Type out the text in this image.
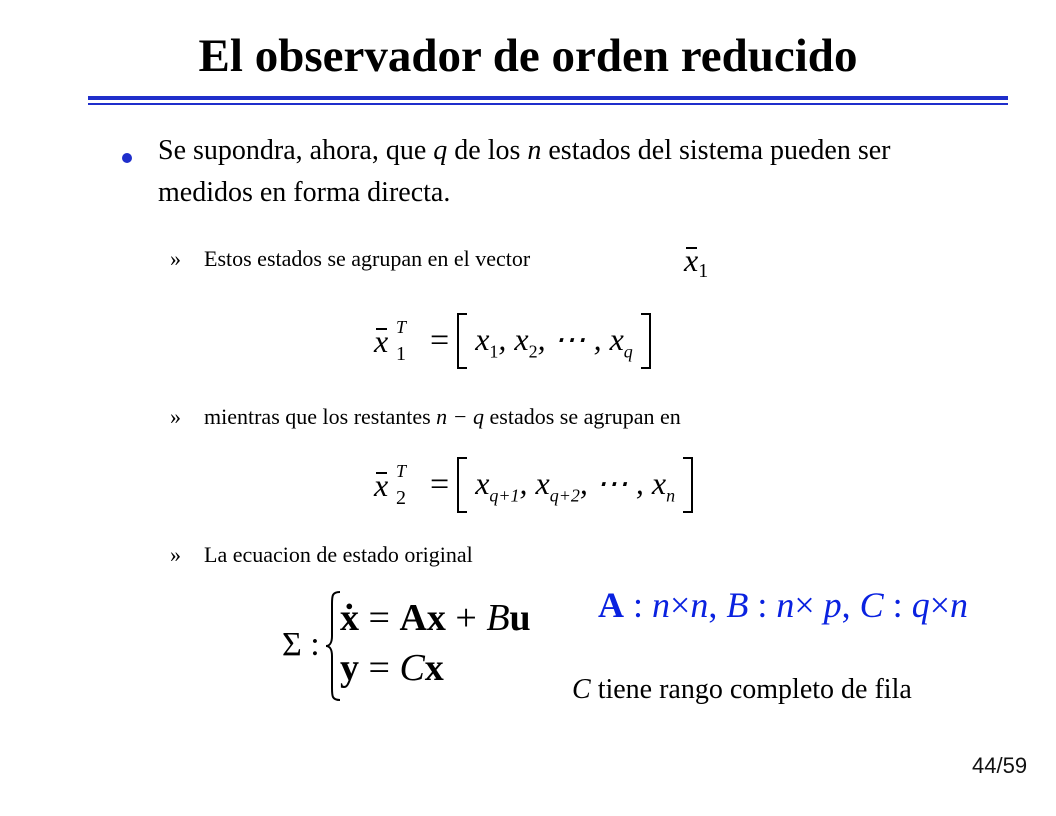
El observador de orden reducido
Se supondra, ahora, que q de los n estados del sistema pueden ser medidos en forma directa.
» Estos estados se agrupan en el vector	x1
x T
$1 = x_1$, $x_2$, ⋯ , $x_q$
» mientras que los restantes n − q estados se agrupan en
x T
$2 = x_{q+1}$, $x_{q+2}$, ⋯ , $x_n$
» La ecuacion de estado original
Σ :
ẋ = Ax + Bu
y = Cx
A : n×n, B : n× p, C : q×n
C tiene rango completo de fila
44/59
